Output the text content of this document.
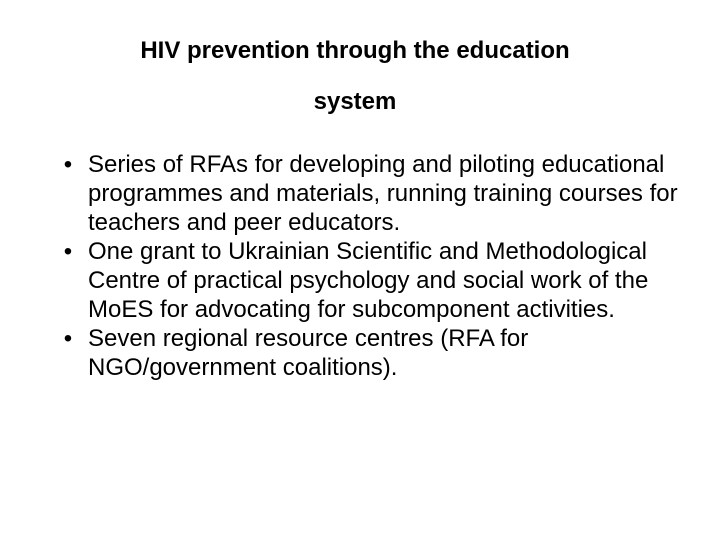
HIV prevention through the education
system
• Series of RFAs for developing and piloting educational programmes and materials, running training courses for teachers and peer educators.
• One grant to Ukrainian Scientific and Methodological Centre of practical psychology and social work of the MoES for advocating for subcomponent activities.
• Seven regional resource centres (RFA for NGO/government coalitions).
